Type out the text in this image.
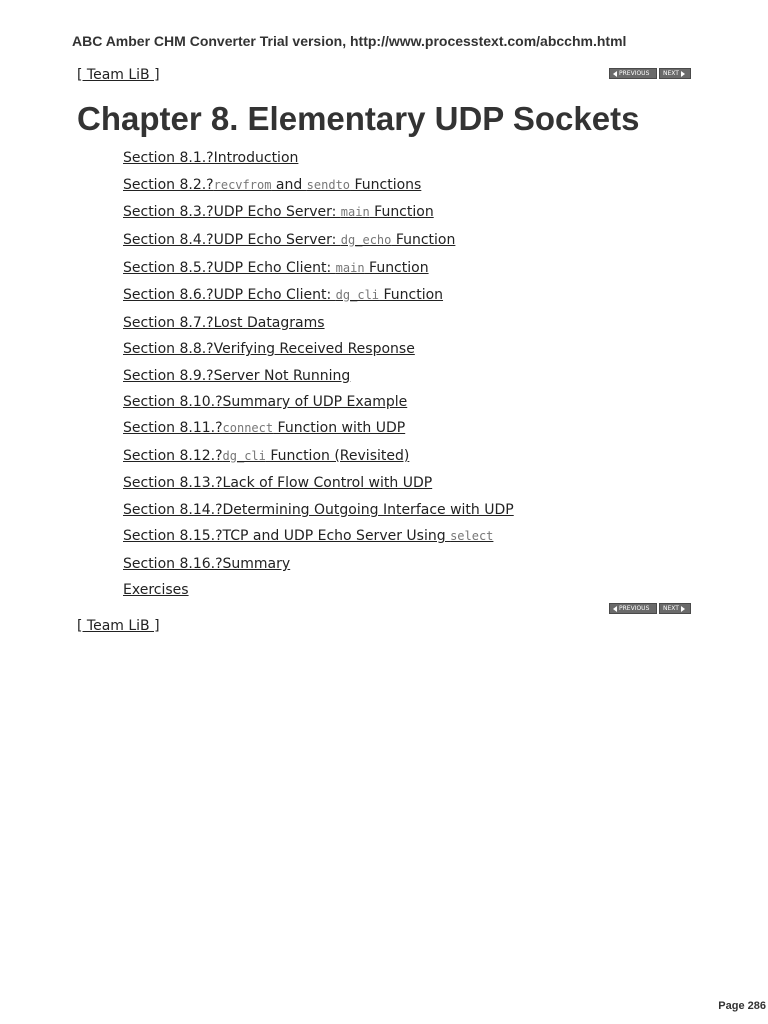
ABC Amber CHM Converter Trial version, http://www.processtext.com/abcchm.html
[ Team LiB ]	PREVIOUS NEXT
Chapter 8. Elementary UDP Sockets
Section 8.1.?Introduction
Section 8.2.?recvfrom and sendto Functions
Section 8.3.?UDP Echo Server: main Function
Section 8.4.?UDP Echo Server: dg_echo Function
Section 8.5.?UDP Echo Client: main Function
Section 8.6.?UDP Echo Client: dg_cli Function
Section 8.7.?Lost Datagrams
Section 8.8.?Verifying Received Response
Section 8.9.?Server Not Running
Section 8.10.?Summary of UDP Example
Section 8.11.?connect Function with UDP
Section 8.12.?dg_cli Function (Revisited)
Section 8.13.?Lack of Flow Control with UDP
Section 8.14.?Determining Outgoing Interface with UDP
Section 8.15.?TCP and UDP Echo Server Using select
Section 8.16.?Summary
Exercises
PREVIOUS NEXT
[ Team LiB ]
Page 286
